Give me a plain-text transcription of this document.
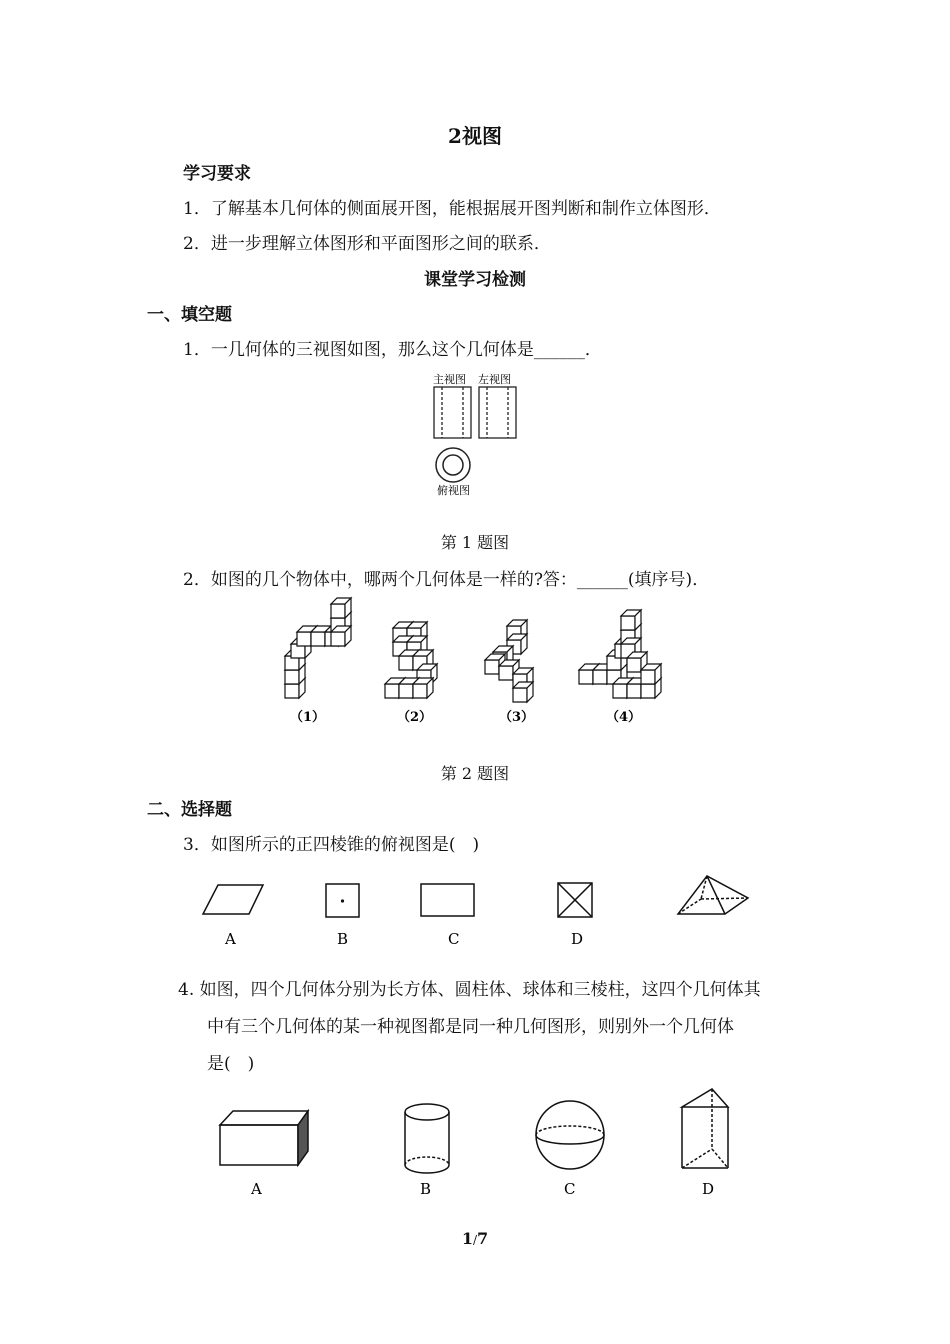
2视图
学习要求
1．了解基本几何体的侧面展开图，能根据展开图判断和制作立体图形．
2．进一步理解立体图形和平面图形之间的联系．
课堂学习检测
一、填空题
1．一几何体的三视图如图，那么这个几何体是______．
主视图 左视图
俯视图
第 1 题图
2．如图的几个物体中，哪两个几何体是一样的?答：______(填序号)．
（1）	（2）	（3）	（4）
第 2 题图
二、选择题
3．如图所示的正四棱锥的俯视图是(　)
A	B	C	D
4. 如图，四个几何体分别为长方体、圆柱体、球体和三棱柱，这四个几何体其
中有三个几何体的某一种视图都是同一种几何图形，则别外一个几何体
是(　)
A	B	C	D
1/7
